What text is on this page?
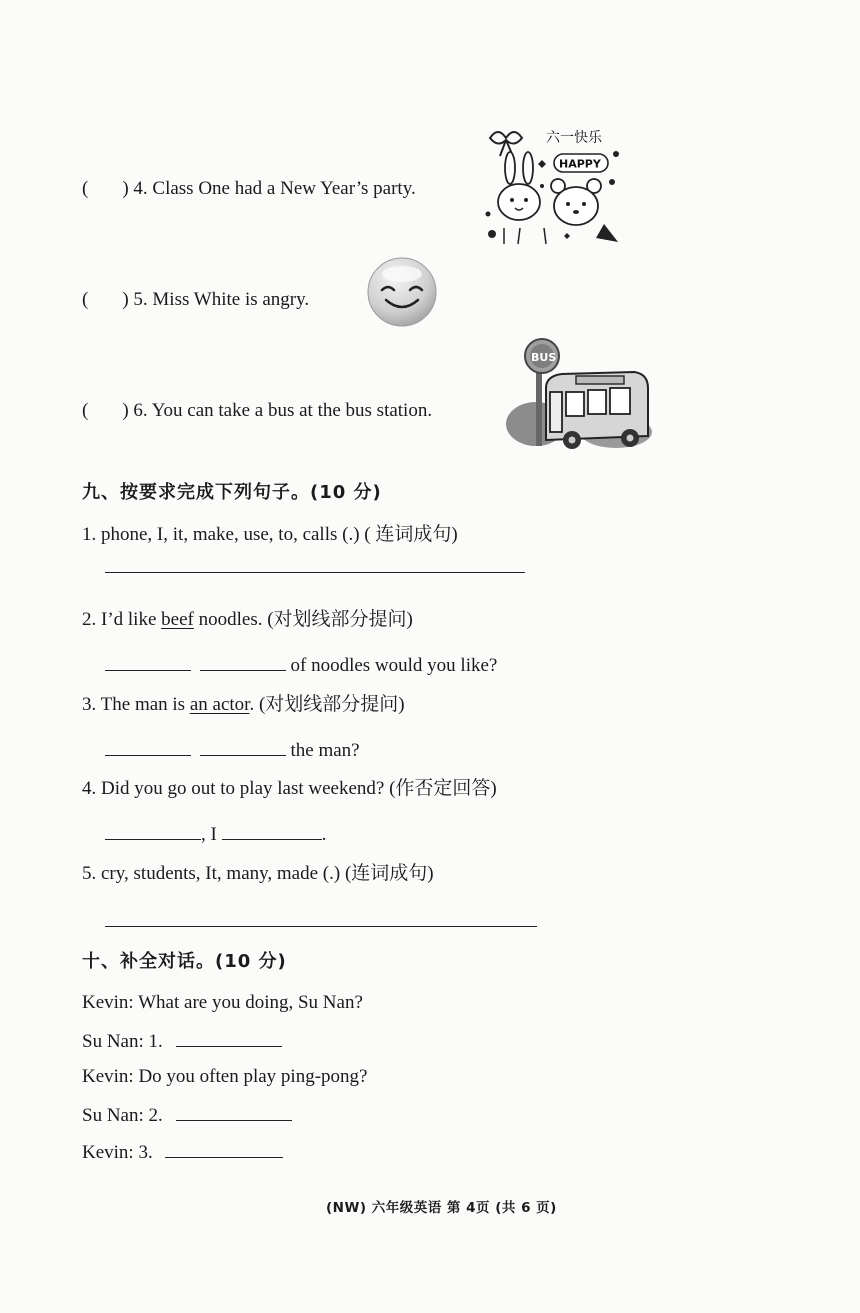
( ) 4. Class One had a New Year’s party.
六一快乐
HAPPY
( ) 5. Miss White is angry.
( ) 6. You can take a bus at the bus station.
BUS
九、按要求完成下列句子。(10 分)
1. phone, I, it, make, use, to, calls (.) ( 连词成句)
2. I’d like beef noodles. (对划线部分提问)
of noodles would you like?
3. The man is an actor. (对划线部分提问)
the man?
4. Did you go out to play last weekend? (作否定回答)
, I	.
5. cry, students, It, many, made (.) (连词成句)
十、补全对话。(10 分)
Kevin: What are you doing, Su Nan?
Su Nan: 1.
Kevin: Do you often play ping-pong?
Su Nan: 2.
Kevin: 3.
(NW) 六年级英语 第 4页 (共 6 页)
